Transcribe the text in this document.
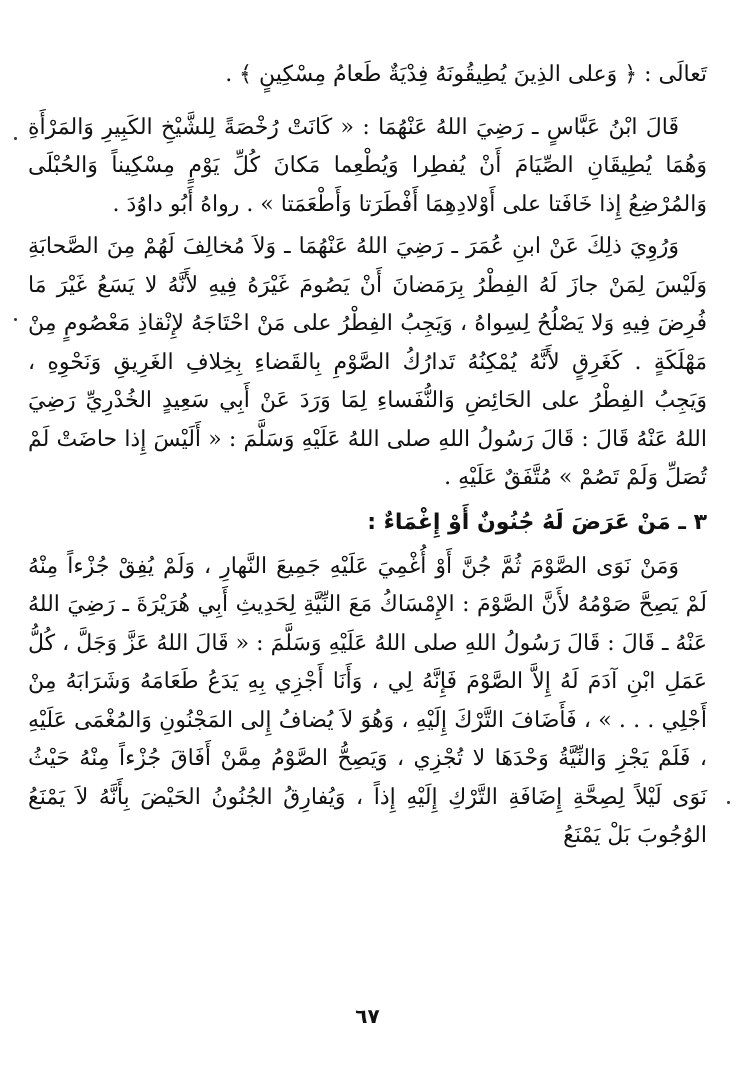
تَعالَى : ﴿ وَعلى الذِينَ يُطِيقُونَهُ فِدْيَةٌ طَعامُ مِسْكِينٍ ﴾ .

قَالَ ابْنُ عَبَّاسٍ ـ رَضِيَ اللهُ عَنْهُمَا : « كَانَتْ رُخْصَةً لِلشَّيْخِ الكَبِيرِ وَالمَرْأَةِ وَهُمَا يُطِيقَانِ الصِّيَامَ أَنْ يُفطِرا وَيُطْعِما مَكانَ كُلِّ يَوْمٍ مِسْكِيناً وَالحُبْلَى وَالمُرْضِعُ إِذا خَافَتا على أَوْلادِهِمَا أَفْطَرَتا وَأَطْعَمَتا » . رواهُ أَبُو داوُدَ .

وَرُوِيَ ذلِكَ عَنْ ابنِ عُمَرَ ـ رَضِيَ اللهُ عَنْهُمَا ـ وَلاَ مُخالِفَ لَهُمْ مِنَ الصَّحابَةِ وَلَيْسَ لِمَنْ جازَ لَهُ الفِطْرُ بِرَمَضانَ أَنْ يَصُومَ غَيْرَهُ فِيهِ لأَنَّهُ لا يَسَعُ غَيْرَ مَا فُرِضَ فِيهِ وَلا يَصْلُحُ لِسِواهُ ، وَيَجِبُ الفِطْرُ على مَنْ احْتَاجَهُ لإِنْقاذِ مَعْصُومٍ مِنْ مَهْلَكَةٍ . كَغَرِقٍ لأَنَّهُ يُمْكِنُهُ تَدارُكُ الصَّوْمِ بِالقَضاءِ بِخِلافِ الغَرِيقِ وَنَحْوِهِ ، وَيَجِبُ الفِطْرُ على الحَائِضِ وَالنُّفَساءِ لِمَا وَرَدَ عَنْ أَبِي سَعِيدٍ الخُدْرِيِّ رَضِيَ اللهُ عَنْهُ قَالَ : قَالَ رَسُولُ اللهِ صلى اللهُ عَلَيْهِ وَسَلَّمَ : « أَلَيْسَ إِذا حاضَتْ لَمْ تُصَلِّ وَلَمْ تَصُمْ » مُتَّفَقٌ عَلَيْهِ .

٣ ـ مَنْ عَرَضَ لَهُ جُنُونٌ أَوْ إِغْمَاءٌ :

وَمَنْ نَوَى الصَّوْمَ ثُمَّ جُنَّ أَوْ أُغْمِيَ عَلَيْهِ جَمِيعَ النَّهارِ ، وَلَمْ يُفِقْ جُزْءاً مِنْهُ لَمْ يَصِحَّ صَوْمُهُ لأَنَّ الصَّوْمَ : الإِمْسَاكُ مَعَ النِّيَّةِ لِحَدِيثِ أَبِي هُرَيْرَةَ ـ رَضِيَ اللهُ عَنْهُ ـ قَالَ : قَالَ رَسُولُ اللهِ صلى اللهُ عَلَيْهِ وَسَلَّمَ : « قَالَ اللهُ عَزَّ وَجَلَّ ، كُلُّ عَمَلِ ابْنِ آدَمَ لَهُ إِلاَّ الصَّوْمَ فَإِنَّهُ لِي ، وَأَنَا أَجْزِي بِهِ يَدَعُ طَعَامَهُ وَشَرَابَهُ مِنْ أَجْلِي . . . » ، فَأَضَافَ التَّرْكَ إِلَيْهِ ، وَهُوَ لاَ يُضافُ إِلى المَجْنُونِ وَالمُغْمَى عَلَيْهِ ، فَلَمْ يَجْزِ وَالنِّيَّةُ وَحْدَهَا لا تُجْزِي ، وَيَصِحُّ الصَّوْمُ مِمَّنْ أَفَاقَ جُزْءاً مِنْهُ حَيْثُ نَوَى لَيْلاً لِصِحَّةِ إِضَافَةِ التَّرْكِ إِلَيْهِ إِذاً ، وَيُفارِقُ الجُنُونُ الحَيْضَ بِأَنَّهُ لاَ يَمْنَعُ الوُجُوبَ بَلْ يَمْنَعُ

٦٧
